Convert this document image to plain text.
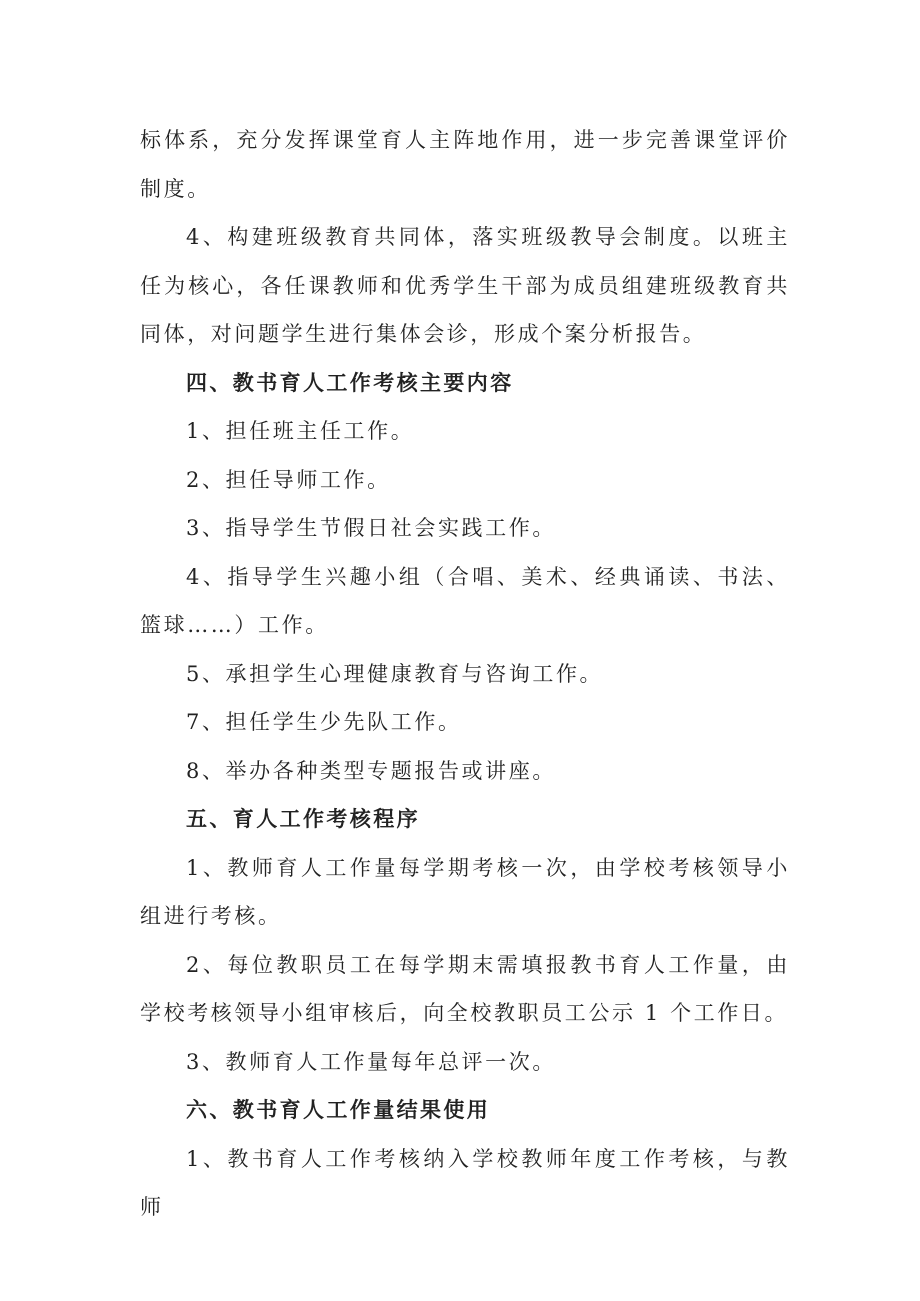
标体系，充分发挥课堂育人主阵地作用，进一步完善课堂评价制度。

4、构建班级教育共同体，落实班级教导会制度。以班主任为核心，各任课教师和优秀学生干部为成员组建班级教育共同体，对问题学生进行集体会诊，形成个案分析报告。

四、教书育人工作考核主要内容

1、担任班主任工作。

2、担任导师工作。

3、指导学生节假日社会实践工作。

4、指导学生兴趣小组（合唱、美术、经典诵读、书法、篮球……）工作。

5、承担学生心理健康教育与咨询工作。

7、担任学生少先队工作。

8、举办各种类型专题报告或讲座。

五、育人工作考核程序

1、教师育人工作量每学期考核一次，由学校考核领导小组进行考核。

2、每位教职员工在每学期末需填报教书育人工作量，由学校考核领导小组审核后，向全校教职员工公示 1 个工作日。

3、教师育人工作量每年总评一次。

六、教书育人工作量结果使用

1、教书育人工作考核纳入学校教师年度工作考核，与教师
